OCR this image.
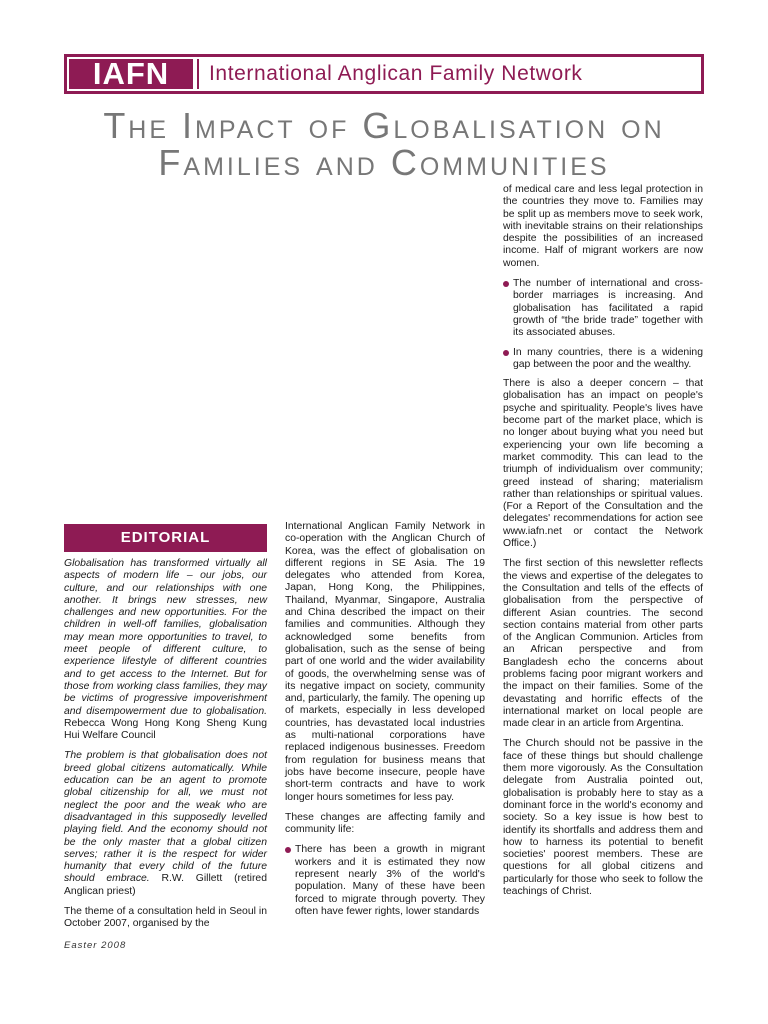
IAFN	International Anglican Family Network
The Impact of Globalisation on
Families and Communities
EDITORIAL

Globalisation has transformed virtually all aspects of modern life – our jobs, our culture, and our relationships with one another. It brings new stresses, new challenges and new opportunities. For the children in well-off families, globalisation may mean more opportunities to travel, to meet people of different culture, to experience lifestyle of different countries and to get access to the Internet. But for those from working class families, they may be victims of progressive impoverishment and disempowerment due to globalisation. Rebecca Wong Hong Kong Sheng Kung Hui Welfare Council

The problem is that globalisation does not breed global citizens automatically. While education can be an agent to promote global citizenship for all, we must not neglect the poor and the weak who are disadvantaged in this supposedly levelled playing field. And the economy should not be the only master that a global citizen serves; rather it is the respect for wider humanity that every child of the future should embrace. R.W. Gillett (retired Anglican priest)

The theme of a consultation held in Seoul in October 2007, organised by the

International Anglican Family Network in co-operation with the Anglican Church of Korea, was the effect of globalisation on different regions in SE Asia. The 19 delegates who attended from Korea, Japan, Hong Kong, the Philippines, Thailand, Myanmar, Singapore, Australia and China described the impact on their families and communities. Although they acknowledged some benefits from globalisation, such as the sense of being part of one world and the wider availability of goods, the overwhelming sense was of its negative impact on society, community and, particularly, the family. The opening up of markets, especially in less developed countries, has devastated local industries as multi-national corporations have replaced indigenous businesses. Freedom from regulation for business means that jobs have become insecure, people have short-term contracts and have to work longer hours sometimes for less pay.

These changes are affecting family and community life:

There has been a growth in migrant workers and it is estimated they now represent nearly 3% of the world's population. Many of these have been forced to migrate through poverty. They often have fewer rights, lower standards

of medical care and less legal protection in the countries they move to. Families may be split up as members move to seek work, with inevitable strains on their relationships despite the possibilities of an increased income. Half of migrant workers are now women.

The number of international and cross-border marriages is increasing. And globalisation has facilitated a rapid growth of “the bride trade” together with its associated abuses.
In many countries, there is a widening gap between the poor and the wealthy.

There is also a deeper concern – that globalisation has an impact on people's psyche and spirituality. People's lives have become part of the market place, which is no longer about buying what you need but experiencing your own life becoming a market commodity. This can lead to the triumph of individualism over community; greed instead of sharing; materialism rather than relationships or spiritual values. (For a Report of the Consultation and the delegates' recommendations for action see www.iafn.net or contact the Network Office.)

The first section of this newsletter reflects the views and expertise of the delegates to the Consultation and tells of the effects of globalisation from the perspective of different Asian countries. The second section contains material from other parts of the Anglican Communion. Articles from an African perspective and from Bangladesh echo the concerns about problems facing poor migrant workers and the impact on their families. Some of the devastating and horrific effects of the international market on local people are made clear in an article from Argentina.

The Church should not be passive in the face of these things but should challenge them more vigorously. As the Consultation delegate from Australia pointed out, globalisation is probably here to stay as a dominant force in the world's economy and society. So a key issue is how best to identify its shortfalls and address them and how to harness its potential to benefit societies' poorest members. These are questions for all global citizens and particularly for those who seek to follow the teachings of Christ.

Easter 2008
